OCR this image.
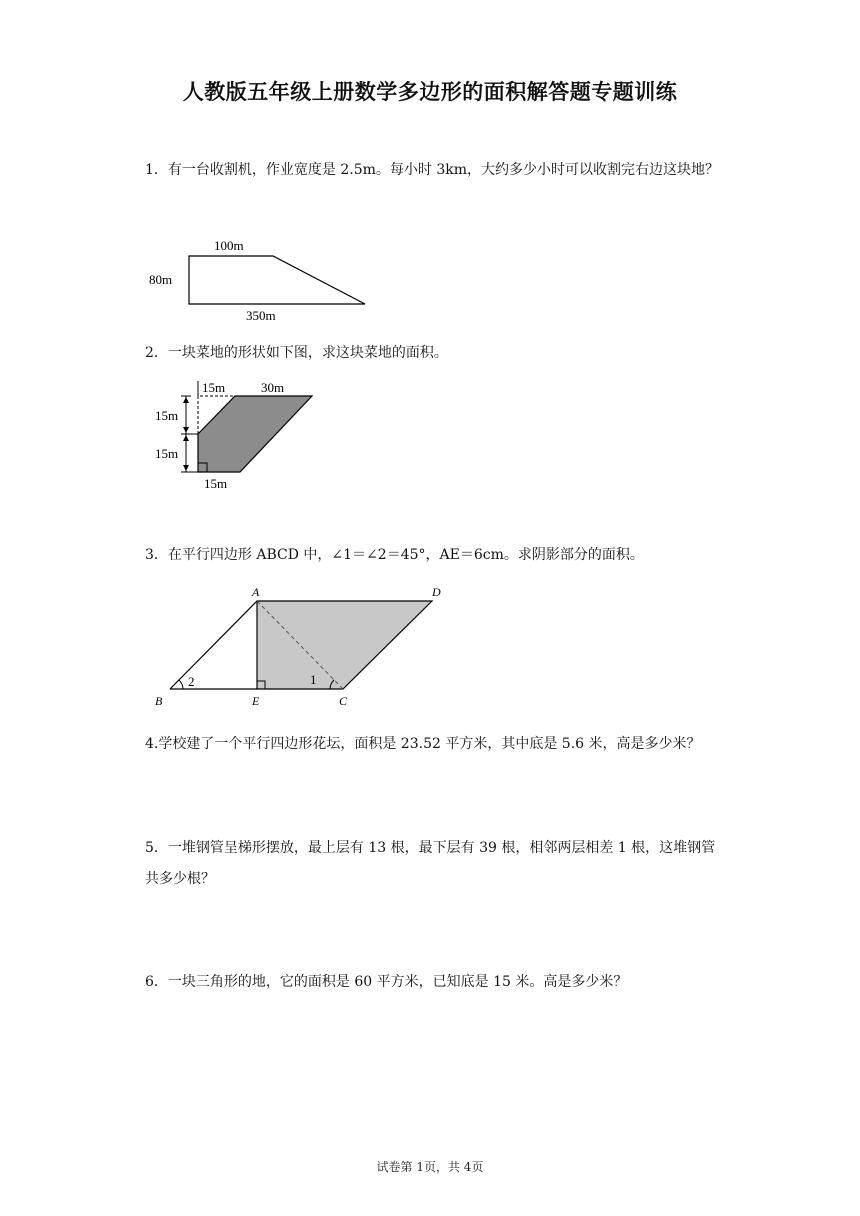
人教版五年级上册数学多边形的面积解答题专题训练
1．有一台收割机，作业宽度是 2.5m。每小时 3km，大约多少小时可以收割完右边这块地？
100m
80m
350m
2．一块菜地的形状如下图，求这块菜地的面积。
15m	30m
15m
15m
15m
3．在平行四边形 ABCD 中，∠1＝∠2＝45°，AE＝6cm。求阴影部分的面积。
A	D
B	E	C
2	1
4.学校建了一个平行四边形花坛，面积是 23.52 平方米，其中底是 5.6 米，高是多少米？
5．一堆钢管呈梯形摆放，最上层有 13 根，最下层有 39 根，相邻两层相差 1 根，这堆钢管共多少根？
6．一块三角形的地，它的面积是 60 平方米，已知底是 15 米。高是多少米？
试卷第 1页，共 4页
